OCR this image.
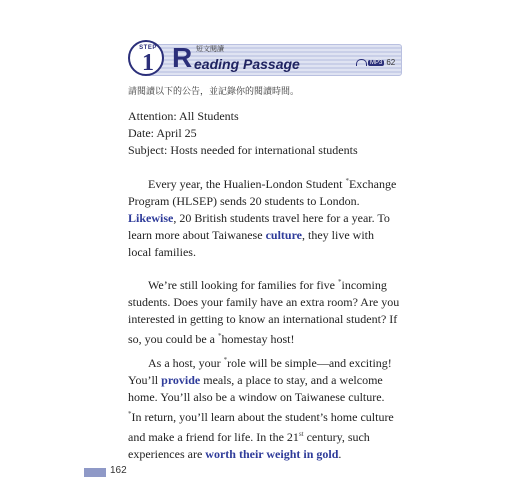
STEP
1 R 短文閱讀
eading Passage	MP3 62
請閱讀以下的公告，並記錄你的閱讀時間。
Attention: All Students
Date: April 25
Subject: Hosts needed for international students
Every year, the Hualien-London Student *Exchange Program (HLSEP) sends 20 students to London. Likewise, 20 British students travel here for a year. To learn more about Taiwanese culture, they live with local families.
We’re still looking for families for five *incoming students. Does your family have an extra room? Are you interested in getting to know an international student? If so, you could be a *homestay host!
As a host, your *role will be simple—and exciting! You’ll provide meals, a place to stay, and a welcome home. You’ll also be a window on Taiwanese culture. *In return, you’ll learn about the student’s home culture and make a friend for life. In the 21st century, such experiences are worth their weight in gold.
162
